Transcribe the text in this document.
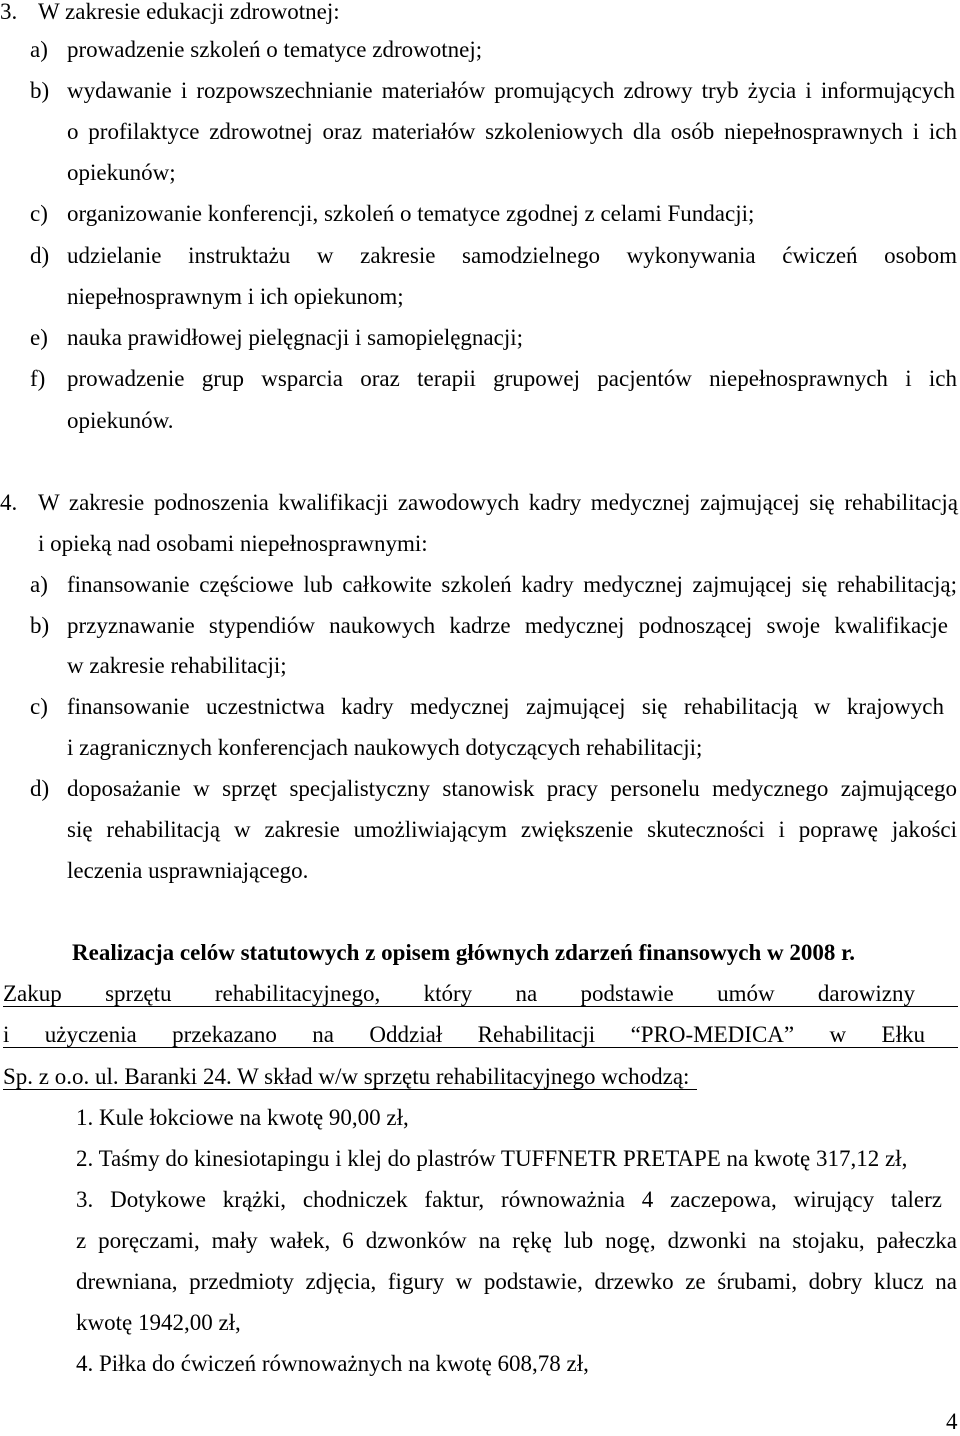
3. W zakresie edukacji zdrowotnej:
a) prowadzenie szkoleń o tematyce zdrowotnej;
b) wydawanie i rozpowszechnianie materiałów promujących zdrowy tryb życia i informujących
o profilaktyce zdrowotnej oraz materiałów szkoleniowych dla osób niepełnosprawnych i ich
opiekunów;
c) organizowanie konferencji, szkoleń o tematyce zgodnej z celami Fundacji;
d) udzielanie instruktażu w zakresie samodzielnego wykonywania ćwiczeń osobom
niepełnosprawnym i ich opiekunom;
e) nauka prawidłowej pielęgnacji i samopielęgnacji;
f) prowadzenie grup wsparcia oraz terapii grupowej pacjentów niepełnosprawnych i ich
opiekunów.
4. W zakresie podnoszenia kwalifikacji zawodowych kadry medycznej zajmującej się rehabilitacją
i opieką nad osobami niepełnosprawnymi:
a) finansowanie częściowe lub całkowite szkoleń kadry medycznej zajmującej się rehabilitacją;
b) przyznawanie stypendiów naukowych kadrze medycznej podnoszącej swoje kwalifikacje
w zakresie rehabilitacji;
c) finansowanie uczestnictwa kadry medycznej zajmującej się rehabilitacją w krajowych
i zagranicznych konferencjach naukowych dotyczących rehabilitacji;
d) doposażanie w sprzęt specjalistyczny stanowisk pracy personelu medycznego zajmującego
się rehabilitacją w zakresie umożliwiającym zwiększenie skuteczności i poprawę jakości
leczenia usprawniającego.
Realizacja celów statutowych z opisem głównych zdarzeń finansowych w 2008 r.
Zakup sprzętu rehabilitacyjnego, który na podstawie umów darowizny
i użyczenia przekazano na Oddział Rehabilitacji “PRO-MEDICA” w Ełku
Sp. z o.o. ul. Baranki 24. W skład w/w sprzętu rehabilitacyjnego wchodzą:
1. Kule łokciowe na kwotę 90,00 zł,
2. Taśmy do kinesiotapingu i klej do plastrów TUFFNETR PRETAPE na kwotę 317,12 zł,
3. Dotykowe krążki, chodniczek faktur, równoważnia 4 zaczepowa, wirujący talerz
z poręczami, mały wałek, 6 dzwonków na rękę lub nogę, dzwonki na stojaku, pałeczka
drewniana, przedmioty zdjęcia, figury w podstawie, drzewko ze śrubami, dobry klucz na
kwotę 1942,00 zł,
4. Piłka do ćwiczeń równoważnych na kwotę 608,78 zł,
4
